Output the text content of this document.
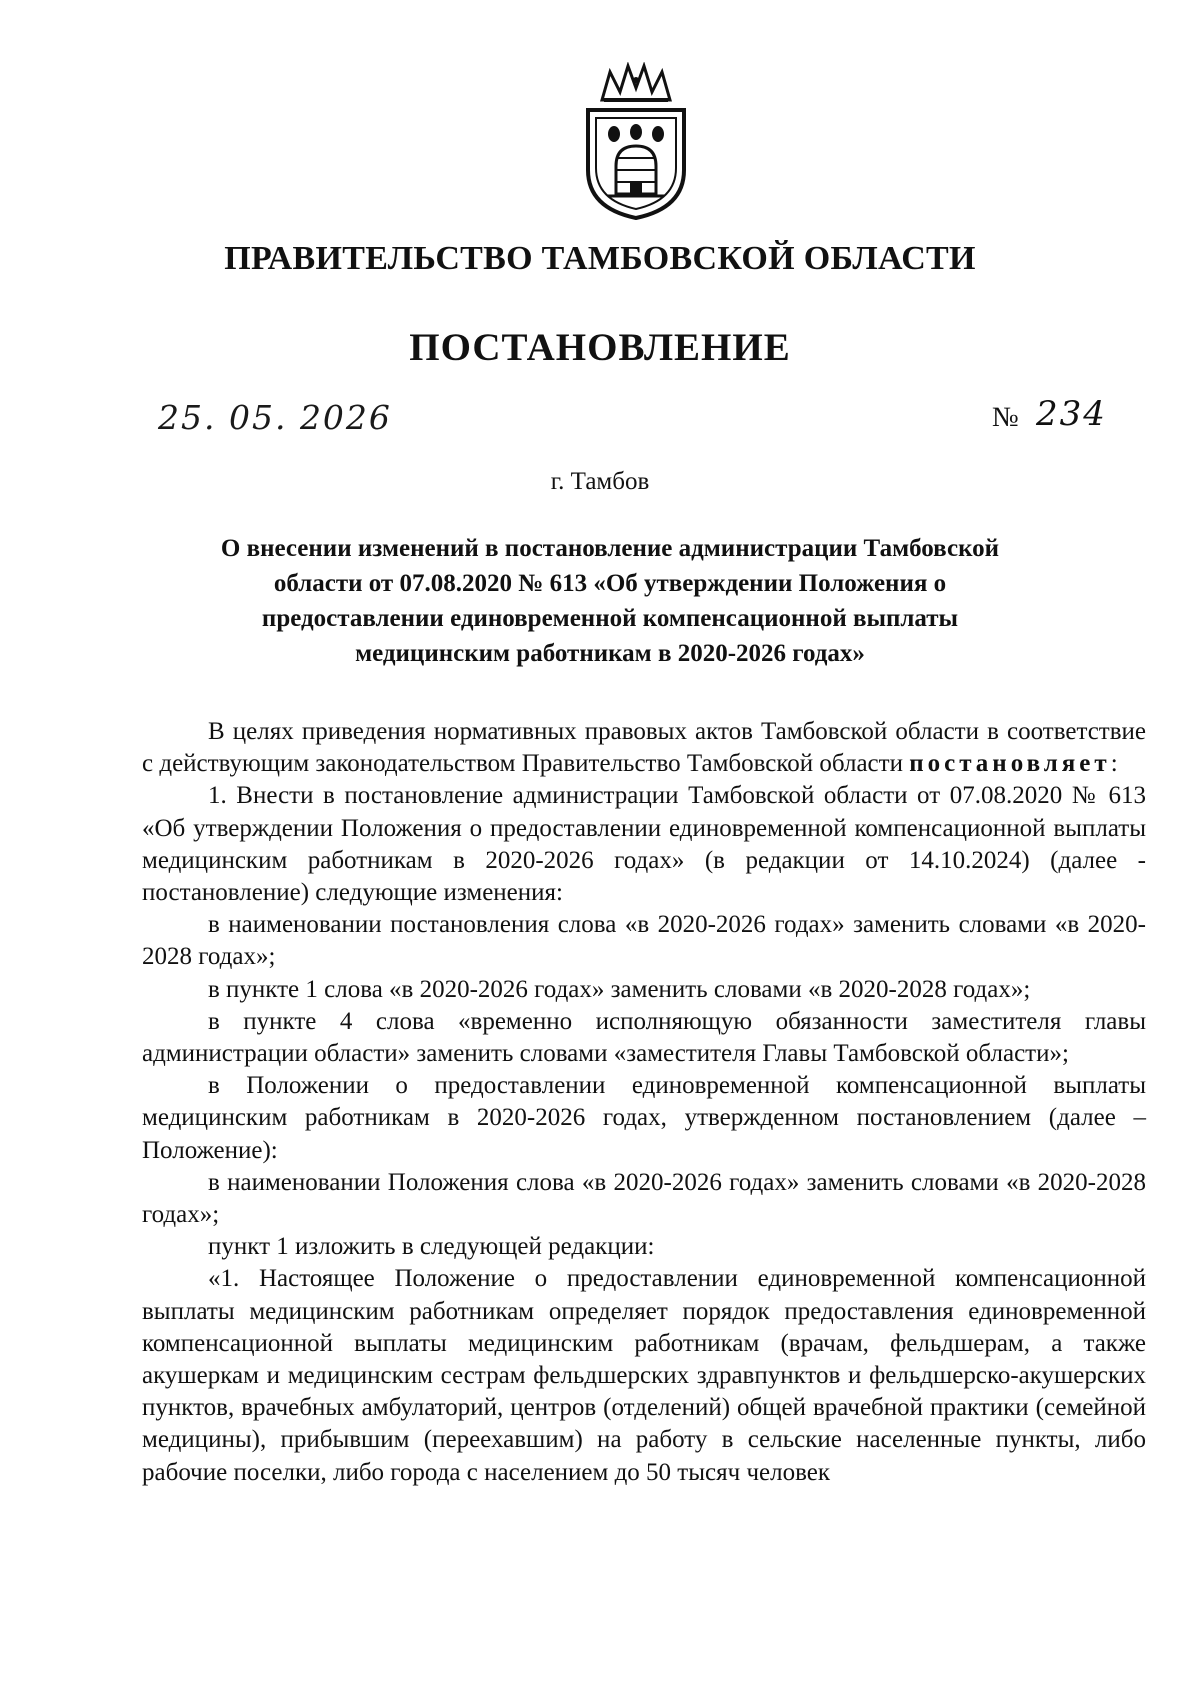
ПРАВИТЕЛЬСТВО ТАМБОВСКОЙ ОБЛАСТИ
ПОСТАНОВЛЕНИЕ
25. 05. 2026	№ 234
г. Тамбов
О внесении изменений в постановление администрации Тамбовской
области от 07.08.2020 № 613 «Об утверждении Положения о
предоставлении единовременной компенсационной выплаты
медицинским работникам в 2020-2026 годах»

В целях приведения нормативных правовых актов Тамбовской области в соответствие с действующим законодательством Правительство Тамбовской области постановляет:

1. Внести в постановление администрации Тамбовской области от 07.08.2020 № 613 «Об утверждении Положения о предоставлении единовременной компенсационной выплаты медицинским работникам в 2020-2026 годах» (в редакции от 14.10.2024) (далее - постановление) следующие изменения:

в наименовании постановления слова «в 2020-2026 годах» заменить словами «в 2020-2028 годах»;

в пункте 1 слова «в 2020-2026 годах» заменить словами «в 2020-2028 годах»;

в пункте 4 слова «временно исполняющую обязанности заместителя главы администрации области» заменить словами «заместителя Главы Тамбовской области»;

в Положении о предоставлении единовременной компенсационной выплаты медицинским работникам в 2020-2026 годах, утвержденном постановлением (далее – Положение):

в наименовании Положения слова «в 2020-2026 годах» заменить словами «в 2020-2028 годах»;

пункт 1 изложить в следующей редакции:

«1. Настоящее Положение о предоставлении единовременной компенсационной выплаты медицинским работникам определяет порядок предоставления единовременной компенсационной выплаты медицинским работникам (врачам, фельдшерам, а также акушеркам и медицинским сестрам фельдшерских здравпунктов и фельдшерско-акушерских пунктов, врачебных амбулаторий, центров (отделений) общей врачебной практики (семейной медицины), прибывшим (переехавшим) на работу в сельские населенные пункты, либо рабочие поселки, либо города с населением до 50 тысяч человек
